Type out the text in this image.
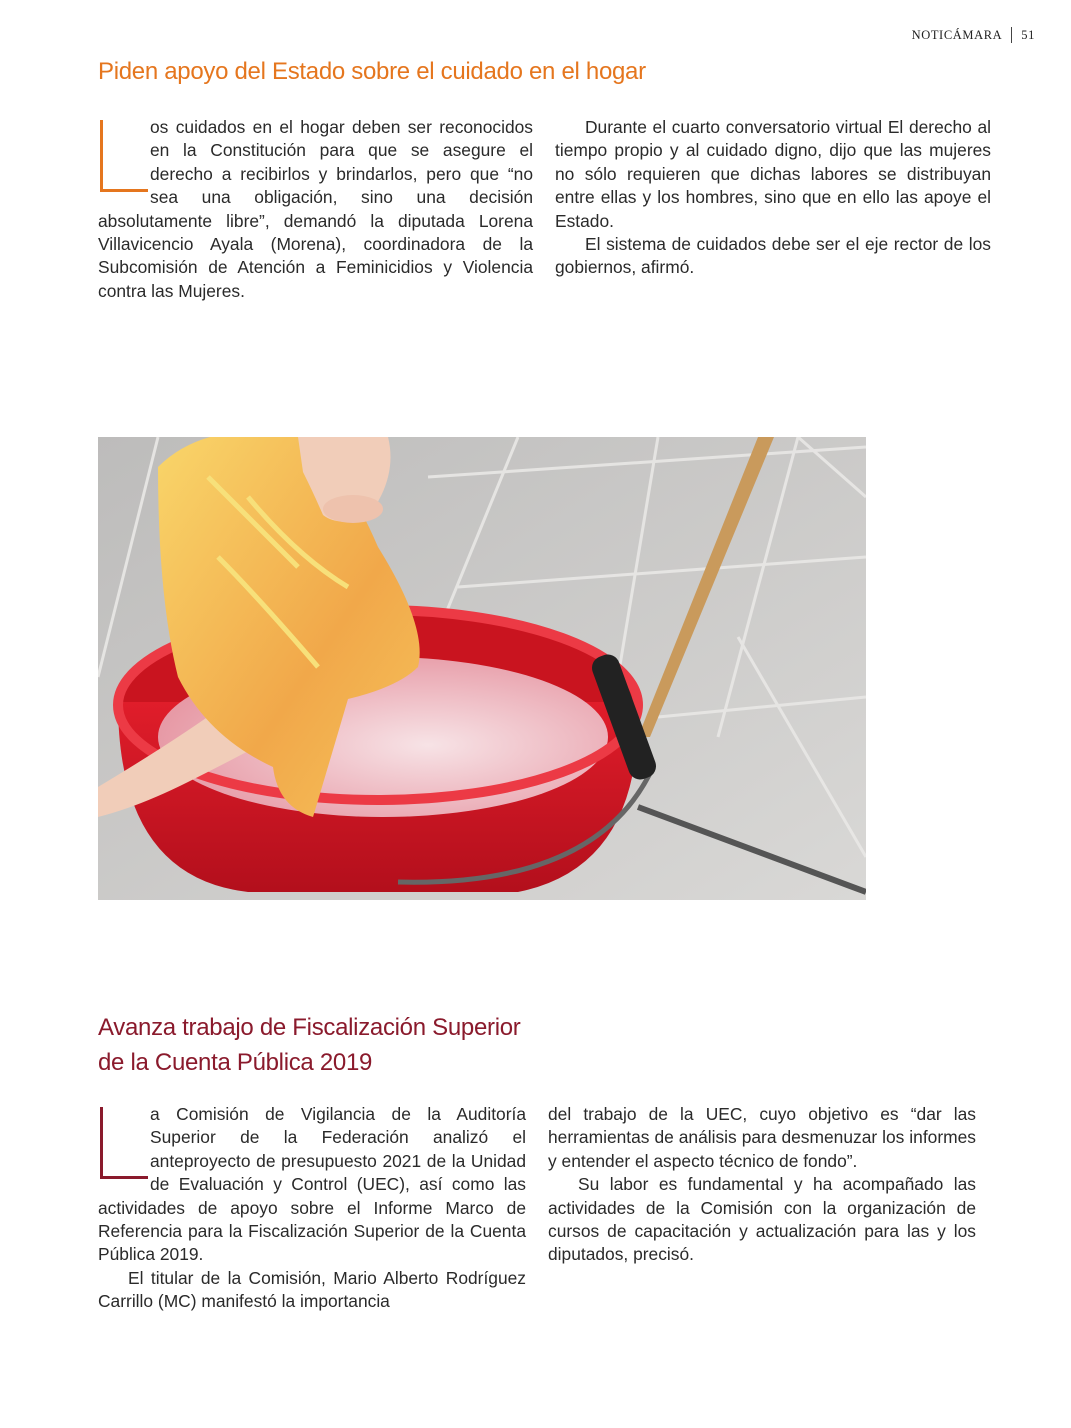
NOTICÁMARA 51
Piden apoyo del Estado sobre el cuidado en el hogar

os cuidados en el hogar deben ser reconocidos en la Constitución para que se asegure el derecho a recibirlos y brindarlos, pero que “no sea una obligación, sino una decisión absolutamente libre”, demandó la diputada Lorena Villavicencio Ayala (Morena), coordinadora de la Subcomisión de Atención a Feminicidios y Violencia contra las Mujeres.

Durante el cuarto conversatorio virtual El derecho al tiempo propio y al cuidado digno, dijo que las mujeres no sólo requieren que dichas labores se distribuyan entre ellas y los hombres, sino que en ello las apoye el Estado.

El sistema de cuidados debe ser el eje rector de los gobiernos, afirmó.

Avanza trabajo de Fiscalización Superior
de la Cuenta Pública 2019

a Comisión de Vigilancia de la Auditoría Superior de la Federación analizó el anteproyecto de presupuesto 2021 de la Unidad de Evaluación y Control (UEC), así como las actividades de apoyo sobre el Informe Marco de Referencia para la Fiscalización Superior de la Cuenta Pública 2019.

El titular de la Comisión, Mario Alberto Rodríguez Carrillo (MC) manifestó la importancia

del trabajo de la UEC, cuyo objetivo es “dar las herramientas de análisis para desmenuzar los informes y entender el aspecto técnico de fondo”.

Su labor es fundamental y ha acompañado las actividades de la Comisión con la organización de cursos de capacitación y actualización para las y los diputados, precisó.
